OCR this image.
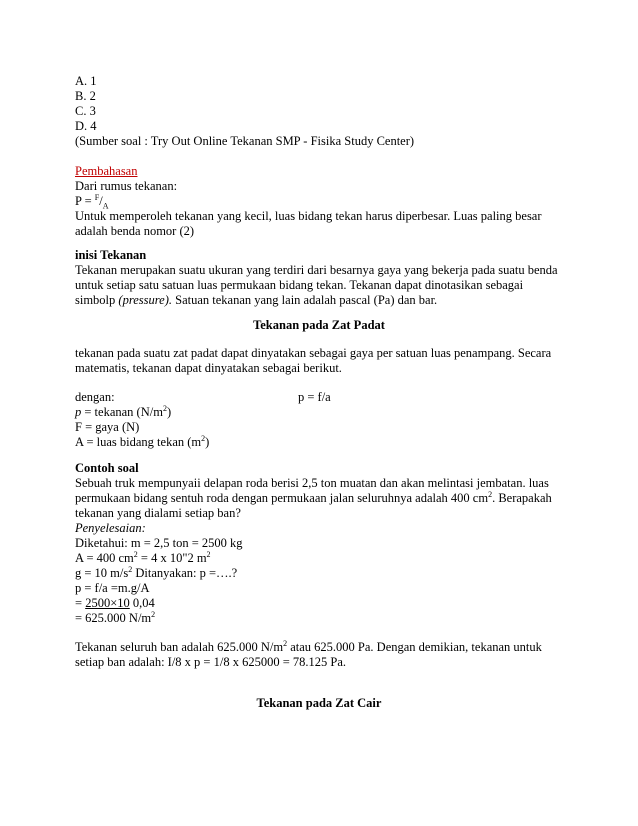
A. 1
B. 2
C. 3
D. 4
(Sumber soal : Try Out Online Tekanan SMP - Fisika Study Center)
Pembahasan
Dari rumus tekanan:
$P = ^F/_A$
Untuk memperoleh tekanan yang kecil, luas bidang tekan harus diperbesar. Luas paling besar
adalah benda nomor (2)
inisi Tekanan
Tekanan merupakan suatu ukuran yang terdiri dari besarnya gaya yang bekerja pada suatu benda
untuk setiap satu satuan luas permukaan bidang tekan. Tekanan dapat dinotasikan sebagai
simbolp (pressure). Satuan tekanan yang lain adalah pascal (Pa) dan bar.
Tekanan pada Zat Padat
tekanan pada suatu zat padat dapat dinyatakan sebagai gaya per satuan luas penampang. Secara
matematis, tekanan dapat dinyatakan sebagai berikut.
dengan:	p = f/a
p = tekanan $(N/m^2)$
F = gaya (N)
A = luas bidang tekan $(m^2)$
Contoh soal
Sebuah truk mempunyaii delapan roda berisi 2,5 ton muatan dan akan melintasi jembatan. luas
permukaan bidang sentuh roda dengan permukaan jalan seluruhnya adalah 400 $cm^2$. Berapakah
tekanan yang dialami setiap ban?
Penyelesaian:
Diketahui: m = 2,5 ton = 2500 kg
A = 400 $cm^2 = 4$ x 10"2 $m^2$
g = 10 $m/s^2$ Ditanyakan: p =….?
p = f/a =m.g/A
= 2500×10 0,04
= 625.000 $N/m^2$
Tekanan seluruh ban adalah 625.000 $N/m^2$ atau 625.000 Pa. Dengan demikian, tekanan untuk
setiap ban adalah: I/8 x p = 1/8 x 625000 = 78.125 Pa.
Tekanan pada Zat Cair
